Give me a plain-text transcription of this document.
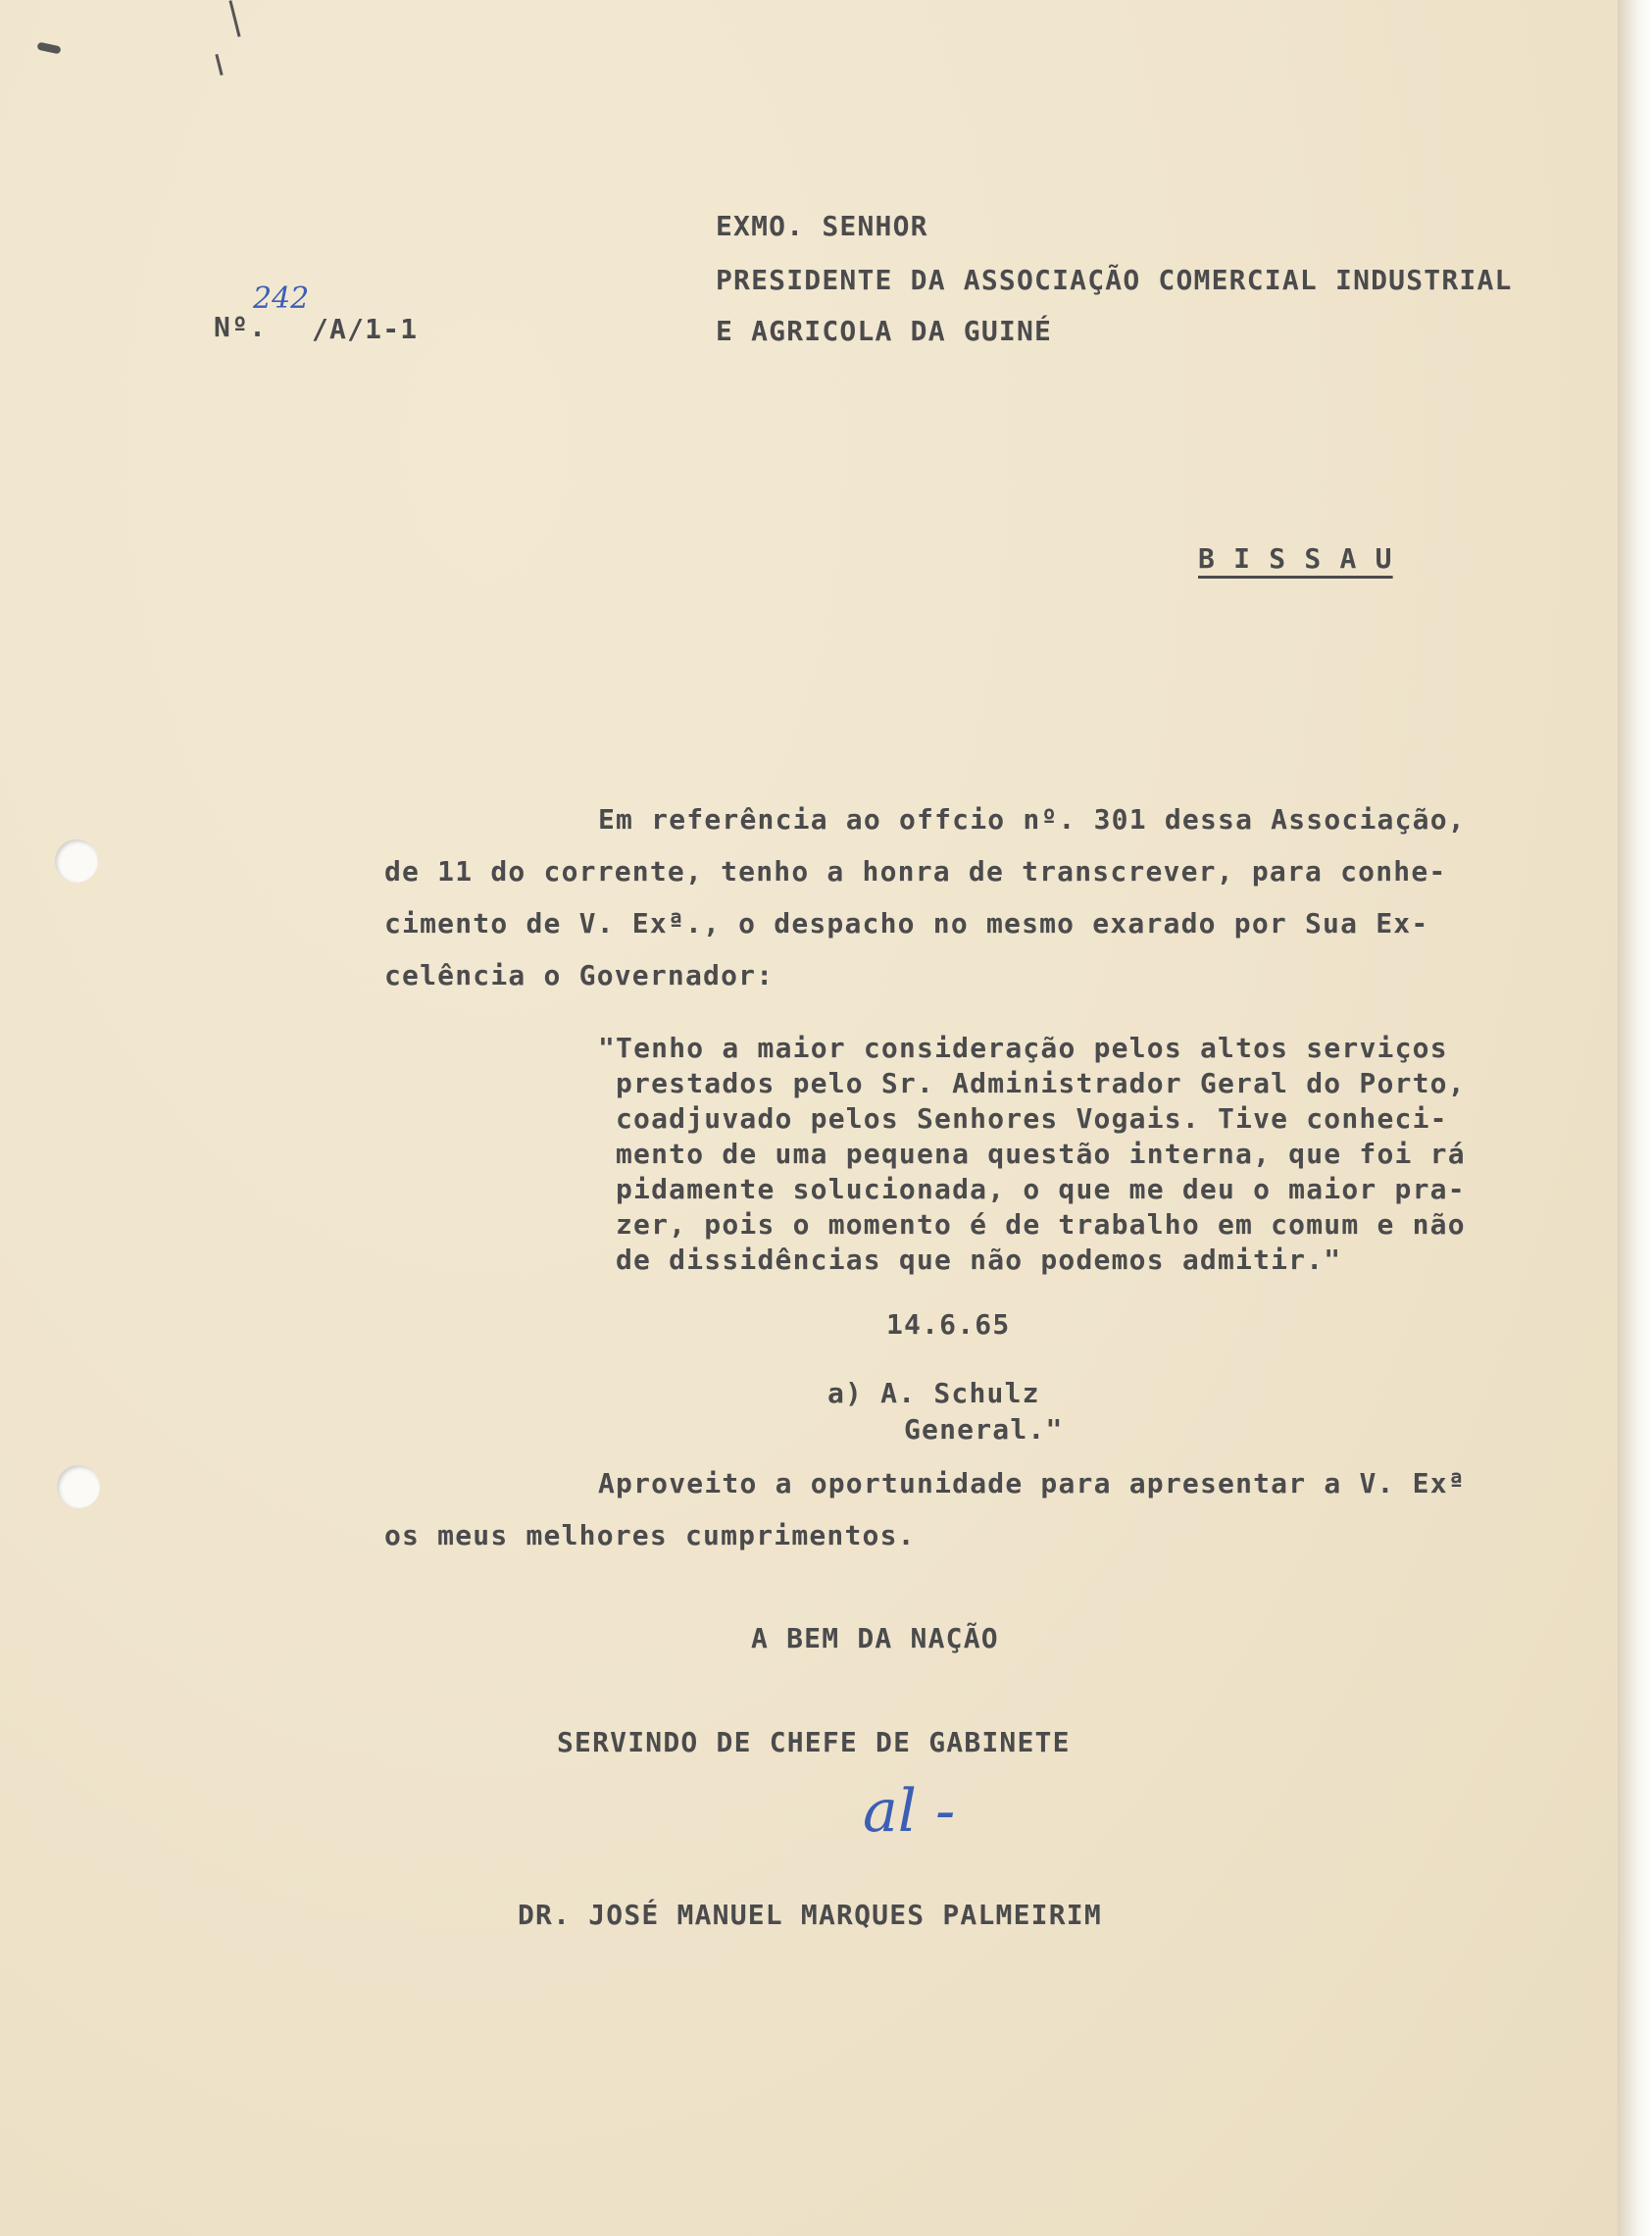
Nº.
242
/A/1-1
EXMO. SENHOR
PRESIDENTE DA ASSOCIAÇÃO COMERCIAL INDUSTRIAL
E AGRICOLA DA GUINÉ
B I S S A U
Em referência ao offcio nº. 301 dessa Associação,
de 11 do corrente, tenho a honra de transcrever, para conhe-
cimento de V. Exª., o despacho no mesmo exarado por Sua Ex-
celência o Governador:
"Tenho a maior consideração pelos altos serviços
prestados pelo Sr. Administrador Geral do Porto,
coadjuvado pelos Senhores Vogais. Tive conheci-
mento de uma pequena questão interna, que foi rá
pidamente solucionada, o que me deu o maior pra-
zer, pois o momento é de trabalho em comum e não
de dissidências que não podemos admitir."
14.6.65
a) A. Schulz
General."
Aproveito a oportunidade para apresentar a V. Exª
os meus melhores cumprimentos.
A BEM DA NAÇÃO
SERVINDO DE CHEFE DE GABINETE
al -
DR. JOSÉ MANUEL MARQUES PALMEIRIM
